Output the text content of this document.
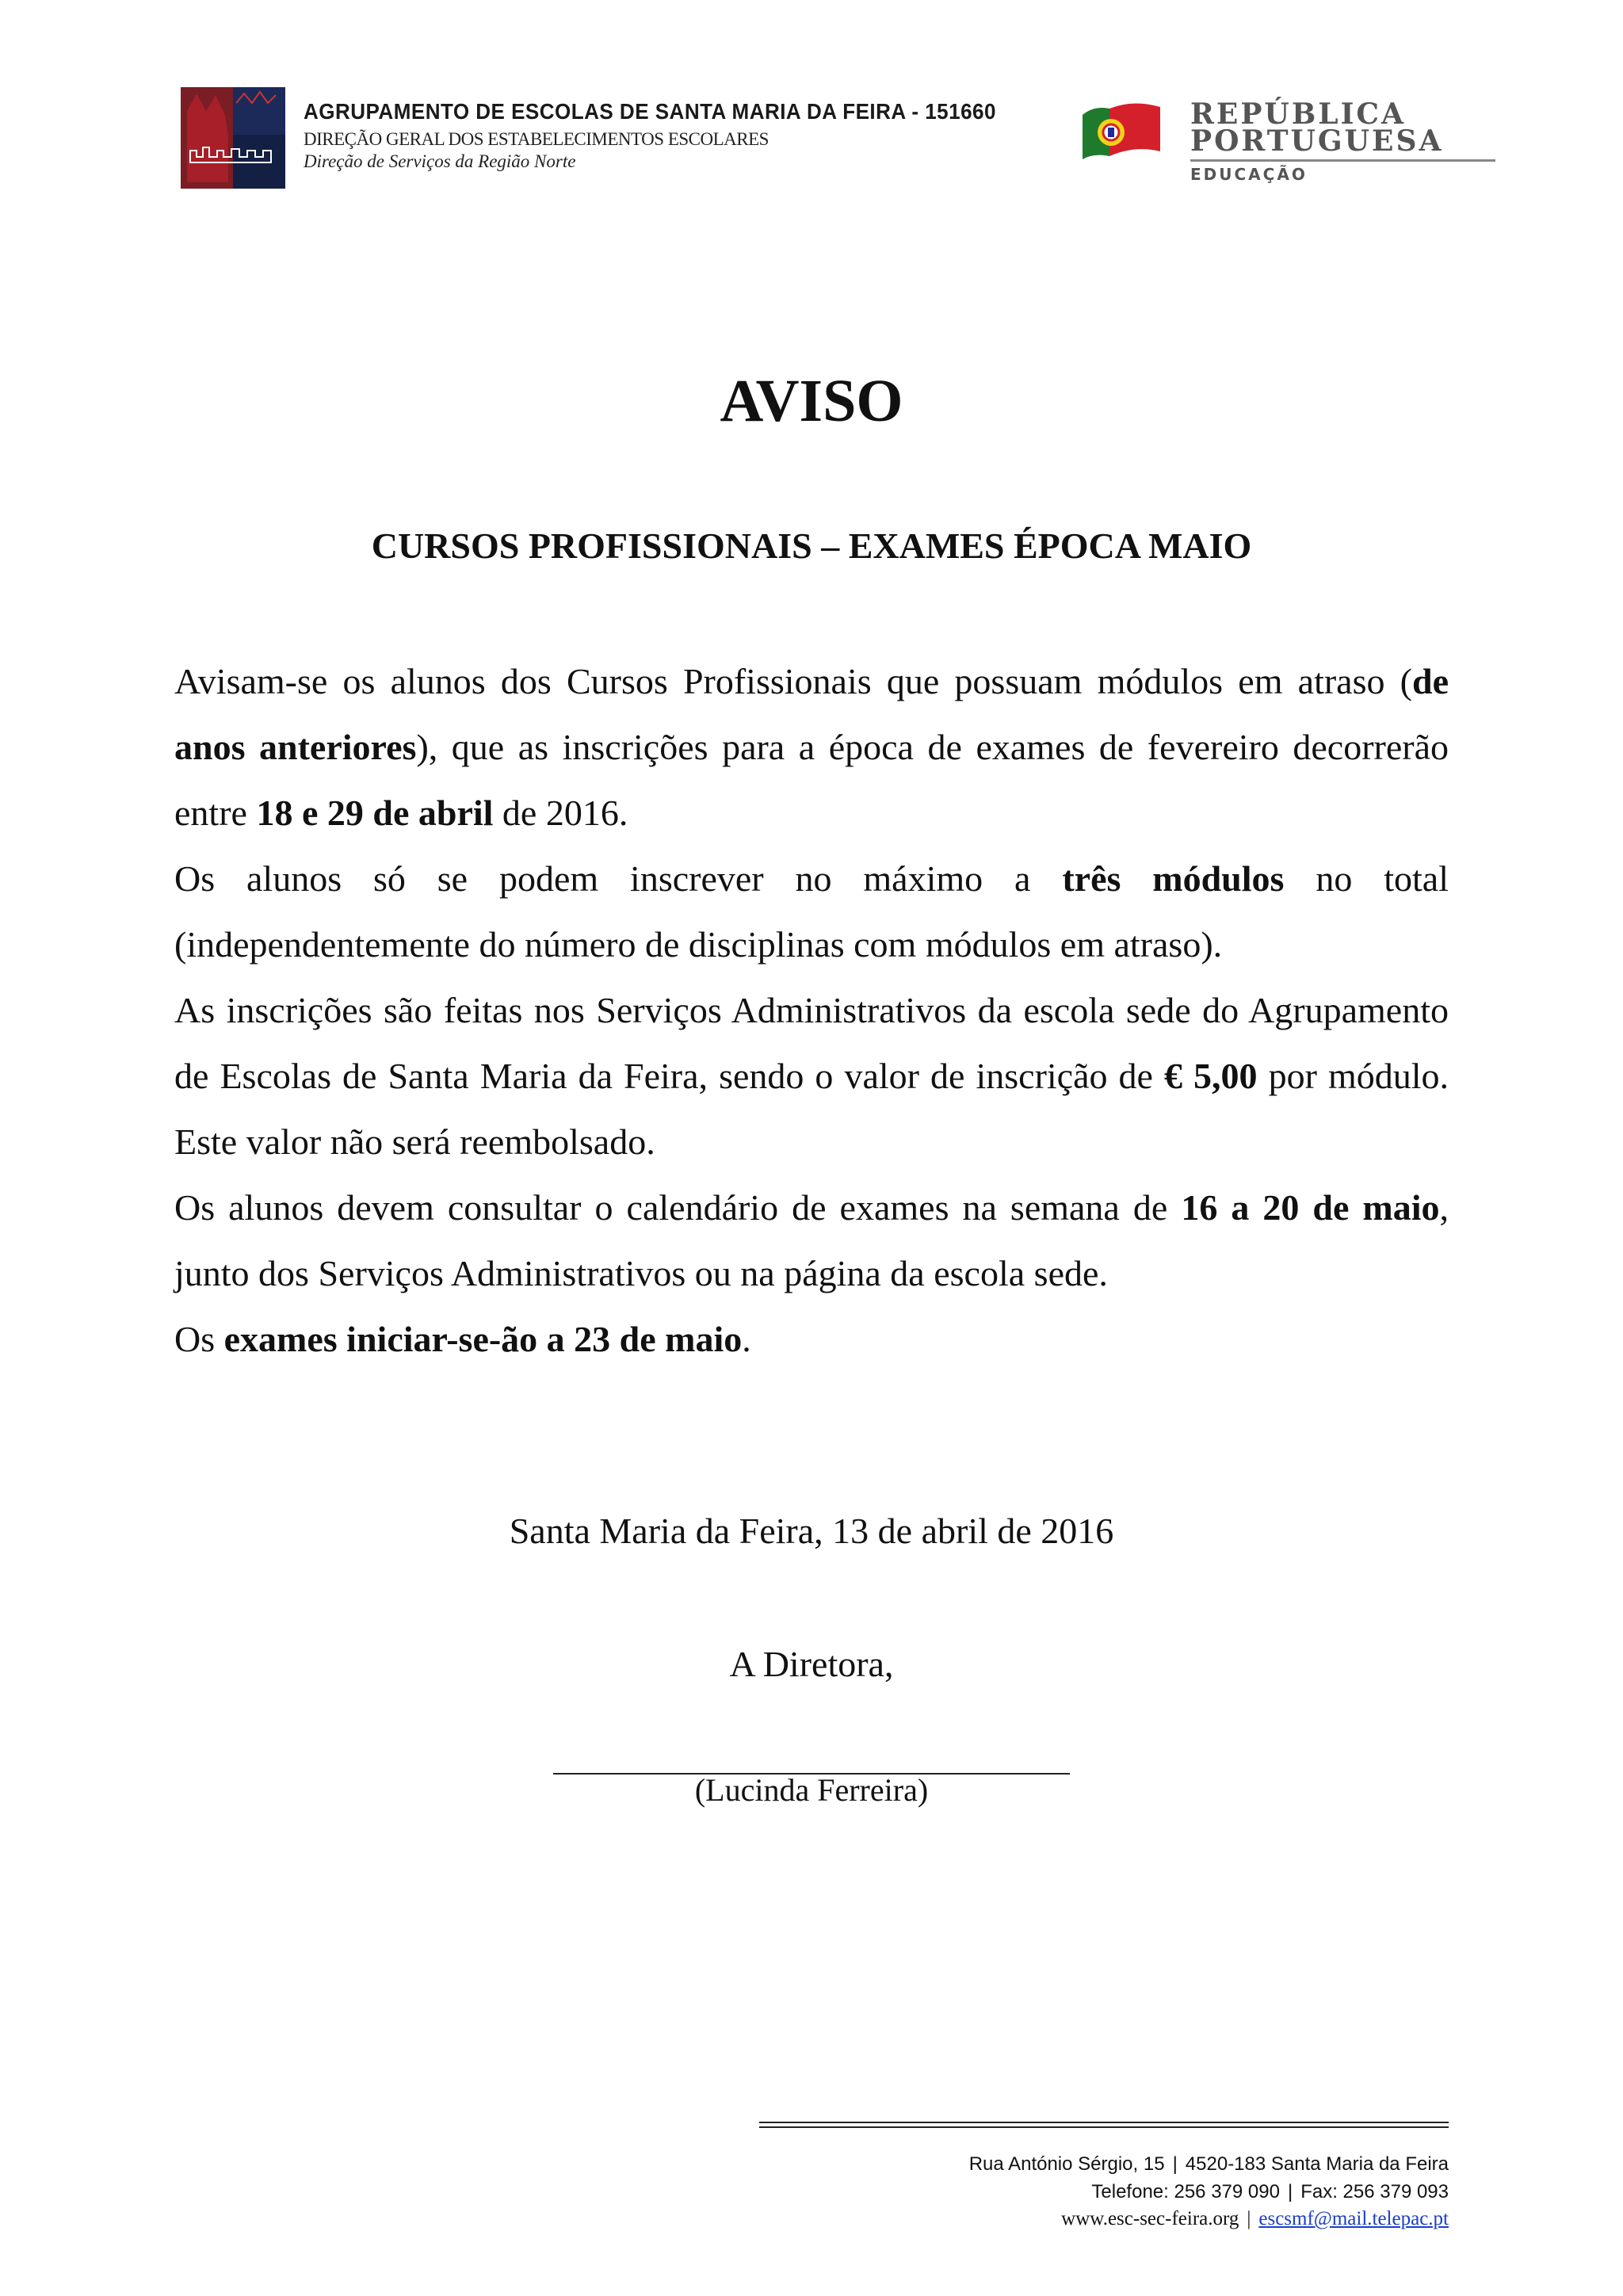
AGRUPAMENTO DE ESCOLAS DE SANTA MARIA DA FEIRA - 151660
DIREÇÃO GERAL DOS ESTABELECIMENTOS ESCOLARES
Direção de Serviços da Região Norte
REPÚBLICA
PORTUGUESA
EDUCAÇÃO
AVISO
CURSOS PROFISSIONAIS – EXAMES ÉPOCA MAIO

Avisam-se os alunos dos Cursos Profissionais que possuam módulos em atraso (de anos anteriores), que as inscrições para a época de exames de fevereiro decorrerão entre 18 e 29 de abril de 2016.

Os alunos só se podem inscrever no máximo a três módulos no total (independentemente do número de disciplinas com módulos em atraso).

As inscrições são feitas nos Serviços Administrativos da escola sede do Agrupamento de Escolas de Santa Maria da Feira, sendo o valor de inscrição de € 5,00 por módulo. Este valor não será reembolsado.

Os alunos devem consultar o calendário de exames na semana de 16 a 20 de maio, junto dos Serviços Administrativos ou na página da escola sede.

Os exames iniciar-se-ão a 23 de maio.

Santa Maria da Feira, 13 de abril de 2016
A Diretora,
(Lucinda Ferreira)
Rua António Sérgio, 15 | 4520-183 Santa Maria da Feira
Telefone: 256 379 090 | Fax: 256 379 093
www.esc-sec-feira.org | escsmf@mail.telepac.pt
